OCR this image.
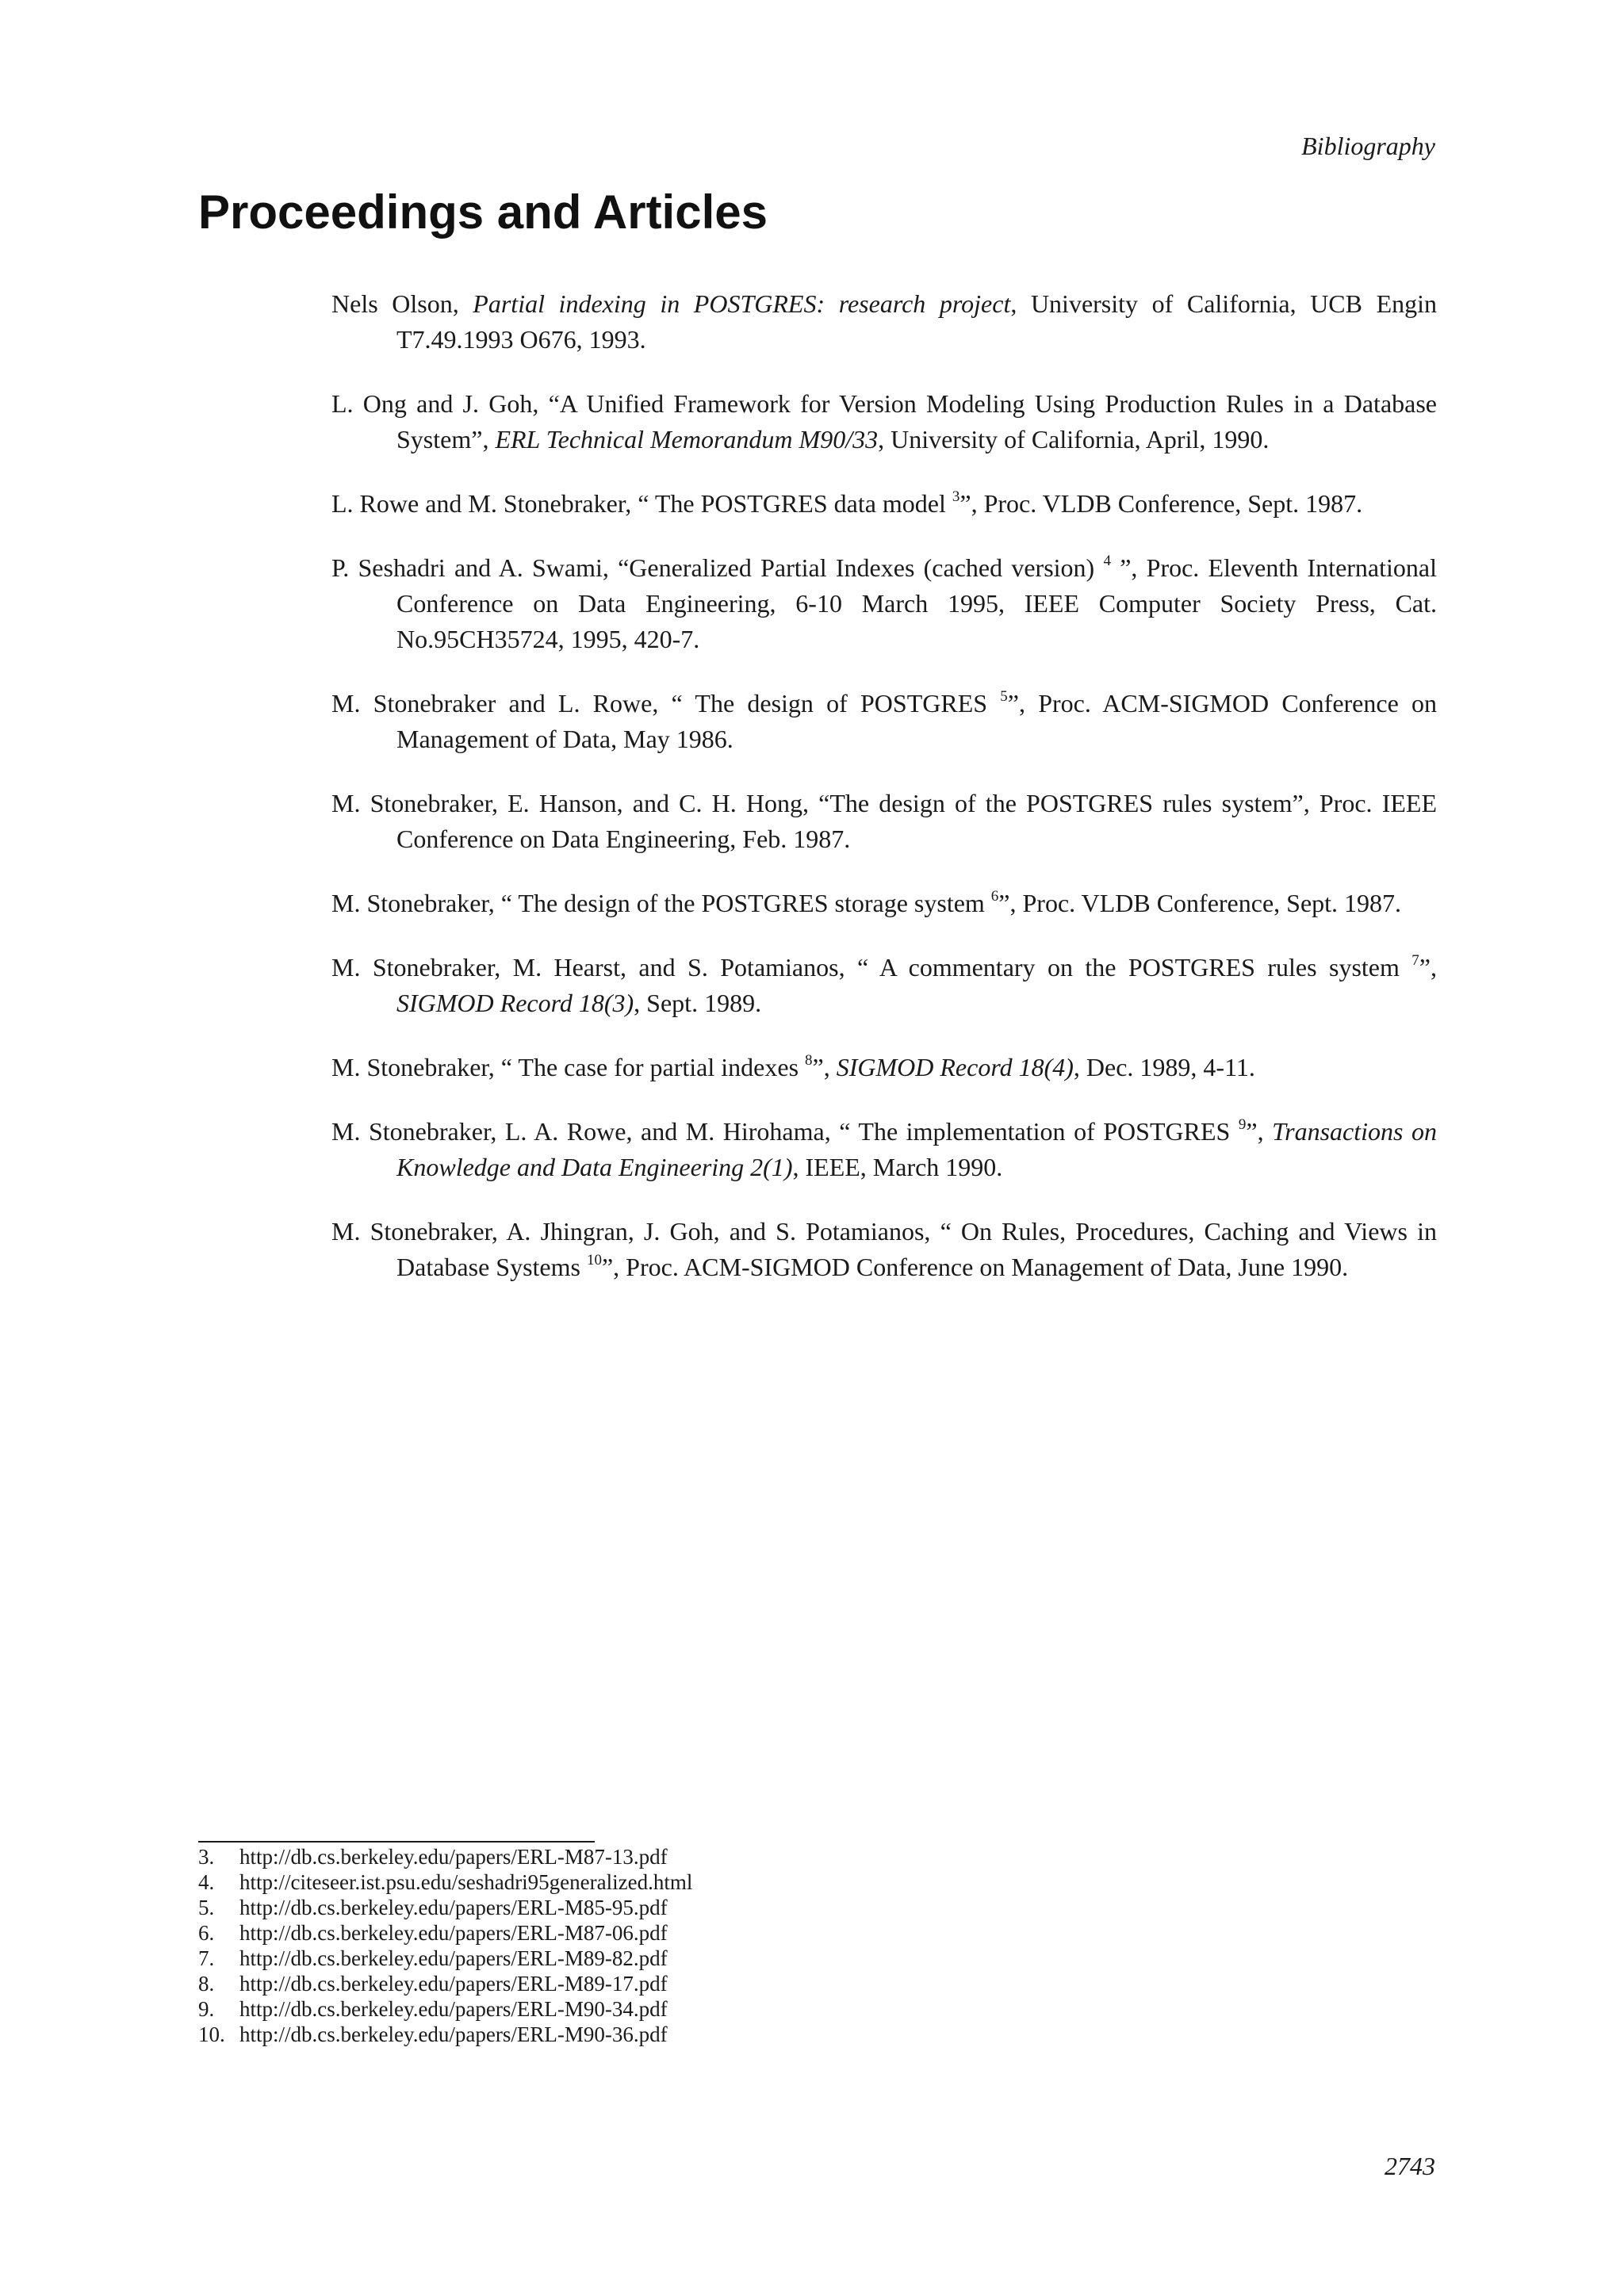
Bibliography
Proceedings and Articles
Nels Olson, Partial indexing in POSTGRES: research project, University of California, UCB Engin T7.49.1993 O676, 1993.
L. Ong and J. Goh, “A Unified Framework for Version Modeling Using Production Rules in a Database System”, ERL Technical Memorandum M90/33, University of California, April, 1990.
L. Rowe and M. Stonebraker, “ The POSTGRES data model $^3$”, Proc. VLDB Conference, Sept. 1987.
P. Seshadri and A. Swami, “Generalized Partial Indexes (cached version) $^4$ ”, Proc. Eleventh International Conference on Data Engineering, 6-10 March 1995, IEEE Computer Society Press, Cat. No.95CH35724, 1995, 420-7.
M. Stonebraker and L. Rowe, “ The design of POSTGRES $^5$”, Proc. ACM-SIGMOD Conference on Management of Data, May 1986.
M. Stonebraker, E. Hanson, and C. H. Hong, “The design of the POSTGRES rules system”, Proc. IEEE Conference on Data Engineering, Feb. 1987.
M. Stonebraker, “ The design of the POSTGRES storage system $^6$”, Proc. VLDB Conference, Sept. 1987.
M. Stonebraker, M. Hearst, and S. Potamianos, “ A commentary on the POSTGRES rules system $^7$”, SIGMOD Record 18(3), Sept. 1989.
M. Stonebraker, “ The case for partial indexes $^8$”, SIGMOD Record 18(4), Dec. 1989, 4-11.
M. Stonebraker, L. A. Rowe, and M. Hirohama, “ The implementation of POSTGRES $^9$”, Transactions on Knowledge and Data Engineering 2(1), IEEE, March 1990.
M. Stonebraker, A. Jhingran, J. Goh, and S. Potamianos, “ On Rules, Procedures, Caching and Views in Database Systems $^{10}$”, Proc. ACM-SIGMOD Conference on Management of Data, June 1990.
3. http://db.cs.berkeley.edu/papers/ERL-M87-13.pdf
4. http://citeseer.ist.psu.edu/seshadri95generalized.html
5. http://db.cs.berkeley.edu/papers/ERL-M85-95.pdf
6. http://db.cs.berkeley.edu/papers/ERL-M87-06.pdf
7. http://db.cs.berkeley.edu/papers/ERL-M89-82.pdf
8. http://db.cs.berkeley.edu/papers/ERL-M89-17.pdf
9. http://db.cs.berkeley.edu/papers/ERL-M90-34.pdf
10. http://db.cs.berkeley.edu/papers/ERL-M90-36.pdf
2743
